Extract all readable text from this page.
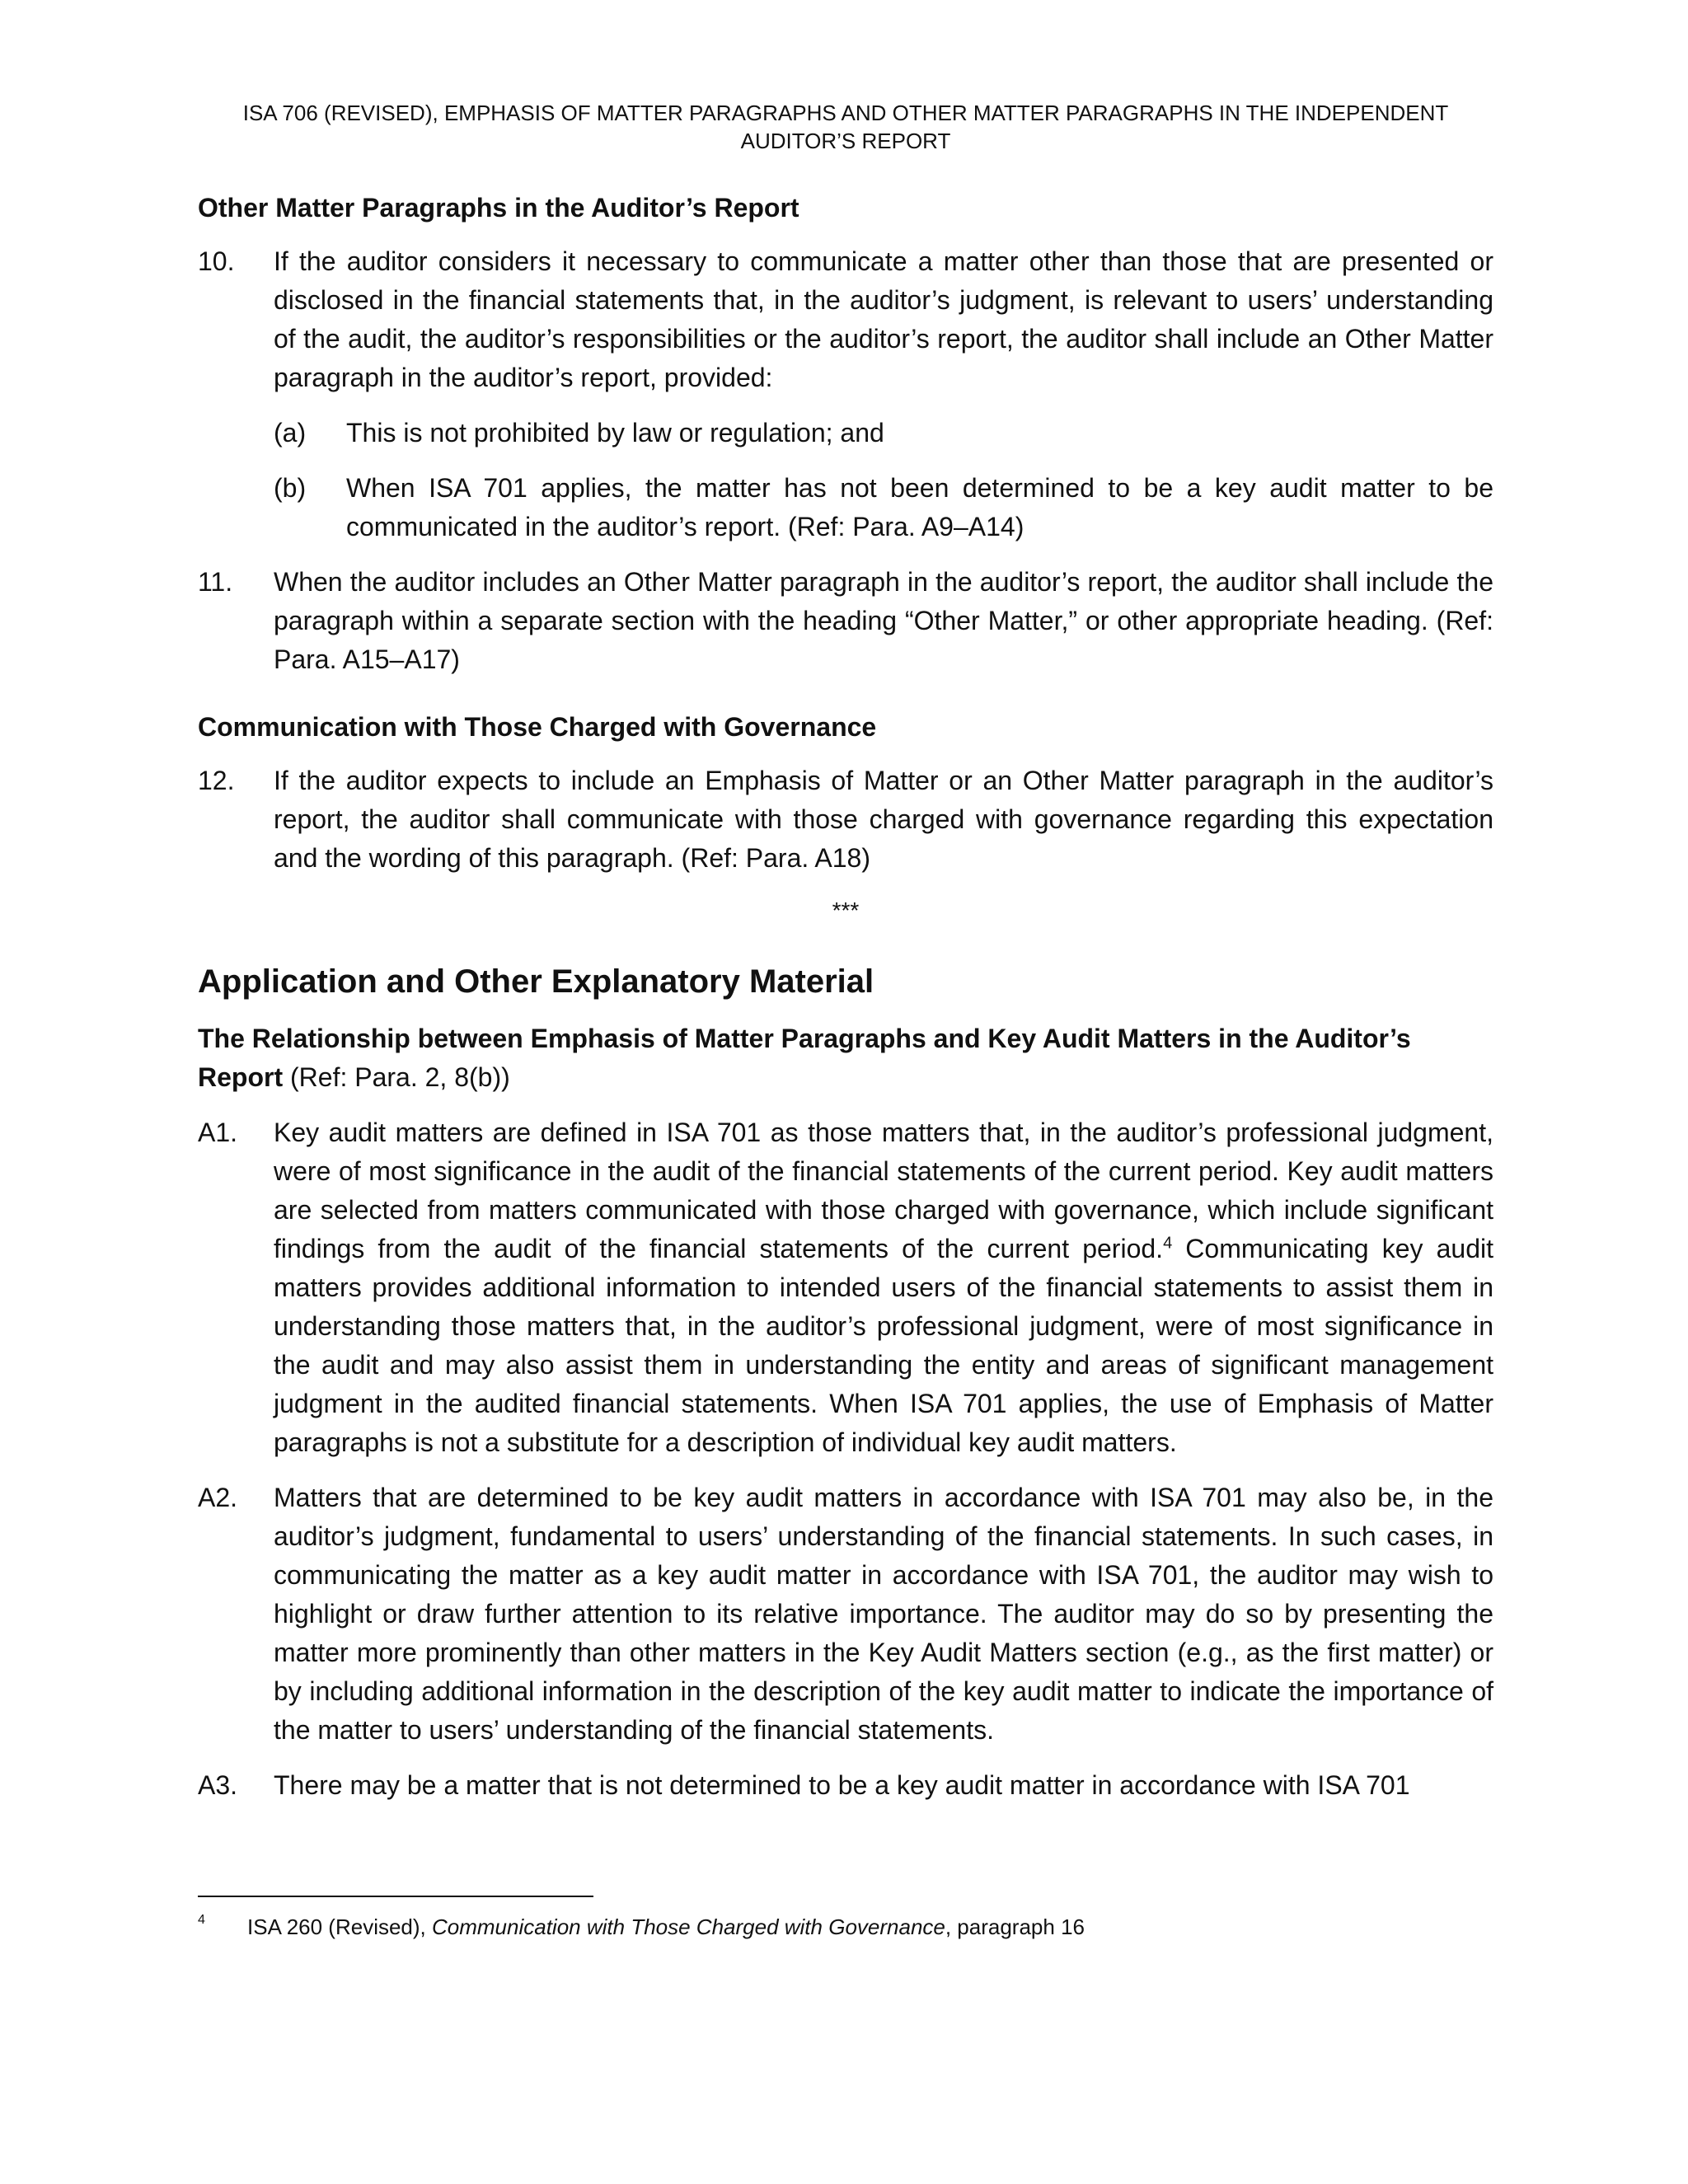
ISA 706 (REVISED), EMPHASIS OF MATTER PARAGRAPHS AND OTHER MATTER PARAGRAPHS IN THE INDEPENDENT
AUDITOR’S REPORT
Other Matter Paragraphs in the Auditor’s Report
10.	If the auditor considers it necessary to communicate a matter other than those that are presented or disclosed in the financial statements that, in the auditor’s judgment, is relevant to users’ understanding of the audit, the auditor’s responsibilities or the auditor’s report, the auditor shall include an Other Matter paragraph in the auditor’s report, provided:
(a)	This is not prohibited by law or regulation; and
(b)	When ISA 701 applies, the matter has not been determined to be a key audit matter to be communicated in the auditor’s report. (Ref: Para. A9–A14)
11.	When the auditor includes an Other Matter paragraph in the auditor’s report, the auditor shall include the paragraph within a separate section with the heading “Other Matter,” or other appropriate heading. (Ref: Para. A15–A17)
Communication with Those Charged with Governance
12.	If the auditor expects to include an Emphasis of Matter or an Other Matter paragraph in the auditor’s report, the auditor shall communicate with those charged with governance regarding this expectation and the wording of this paragraph. (Ref: Para. A18)
***
Application and Other Explanatory Material
The Relationship between Emphasis of Matter Paragraphs and Key Audit Matters in the Auditor’s Report (Ref: Para. 2, 8(b))
A1.	Key audit matters are defined in ISA 701 as those matters that, in the auditor’s professional judgment, were of most significance in the audit of the financial statements of the current period. Key audit matters are selected from matters communicated with those charged with governance, which include significant findings from the audit of the financial statements of the current period.$^4$ Communicating key audit matters provides additional information to intended users of the financial statements to assist them in understanding those matters that, in the auditor’s professional judgment, were of most significance in the audit and may also assist them in understanding the entity and areas of significant management judgment in the audited financial statements. When ISA 701 applies, the use of Emphasis of Matter paragraphs is not a substitute for a description of individual key audit matters.
A2.	Matters that are determined to be key audit matters in accordance with ISA 701 may also be, in the auditor’s judgment, fundamental to users’ understanding of the financial statements. In such cases, in communicating the matter as a key audit matter in accordance with ISA 701, the auditor may wish to highlight or draw further attention to its relative importance. The auditor may do so by presenting the matter more prominently than other matters in the Key Audit Matters section (e.g., as the first matter) or by including additional information in the description of the key audit matter to indicate the importance of the matter to users’ understanding of the financial statements.
A3.	There may be a matter that is not determined to be a key audit matter in accordance with ISA 701
4	ISA 260 (Revised), Communication with Those Charged with Governance, paragraph 16
